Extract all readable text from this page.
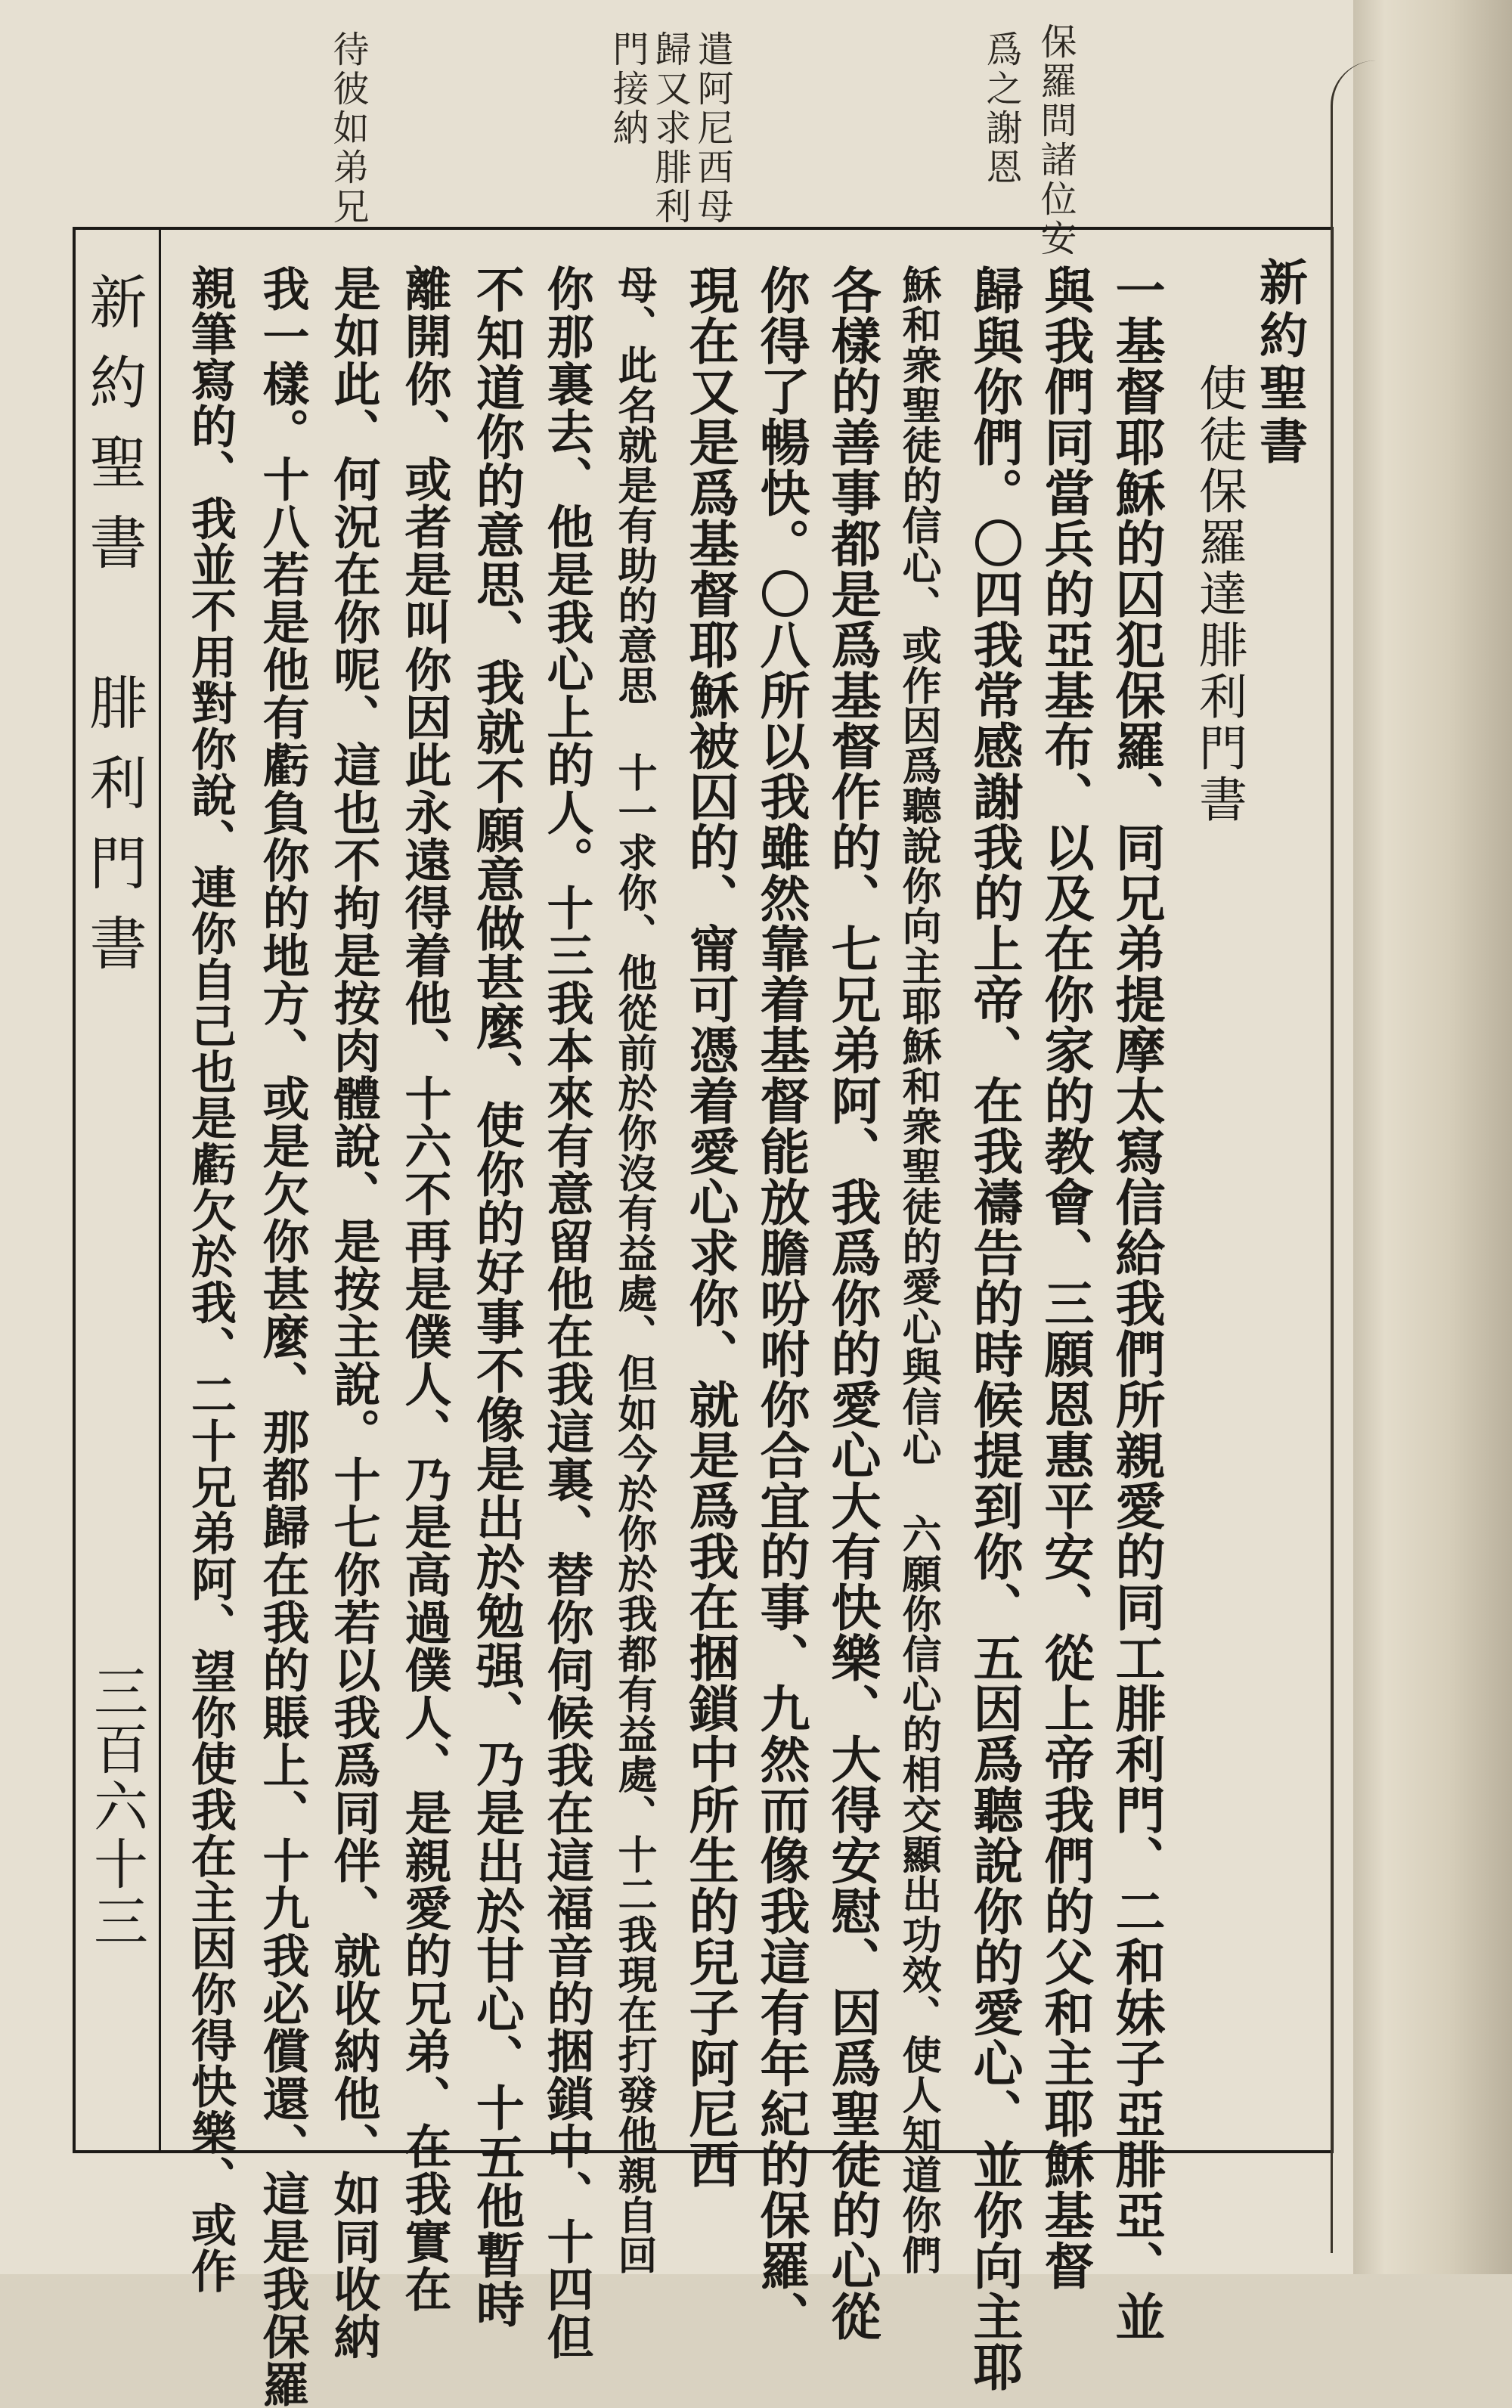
保羅問諸位安
爲之謝恩
遣阿尼西母
歸又求腓利
門接納
待彼如弟兄
新約聖書
使徒保羅達腓利門書
一基督耶穌的囚犯保羅、同兄弟提摩太寫信給我們所親愛的同工腓利門、二和妹子亞腓亞、並
與我們同當兵的亞基布、以及在你家的教會、三願恩惠平安、從上帝我們的父和主耶穌基督
歸與你們。〇四我常感謝我的上帝、在我禱告的時候提到你、五因爲聽說你的愛心、並你向主耶
穌和衆聖徒的信心、或作因爲聽說你向主耶穌和衆聖徒的愛心與信心 六願你信心的相交顯出功效、使人知道你們
各樣的善事都是爲基督作的、七兄弟阿、我爲你的愛心大有快樂、大得安慰、因爲聖徒的心從
你得了暢快。〇八所以我雖然靠着基督能放膽吩咐你合宜的事、九然而像我這有年紀的保羅、
現在又是爲基督耶穌被囚的、甯可憑着愛心求你、就是爲我在捆鎖中所生的兒子阿尼西
母、此名就是有助的意思 十一求你、他從前於你沒有益處、但如今於你於我都有益處、十二我現在打發他親自回
你那裏去、他是我心上的人。十三我本來有意留他在我這裏、替你伺候我在這福音的捆鎖中、十四但
不知道你的意思、我就不願意做甚麼、使你的好事不像是出於勉强、乃是出於甘心、十五他暫時
離開你、或者是叫你因此永遠得着他、十六不再是僕人、乃是高過僕人、是親愛的兄弟、在我實在
是如此、何況在你呢、這也不拘是按肉體說、是按主說。十七你若以我爲同伴、就收納他、如同收納
我一樣。十八若是他有虧負你的地方、或是欠你甚麼、那都歸在我的賬上、十九我必償還、這是我保羅
親筆寫的、我並不用對你說、連你自己也是虧欠於我、二十兄弟阿、望你使我在主因你得快樂、或作
新約聖書　腓利門書
三百六十三
